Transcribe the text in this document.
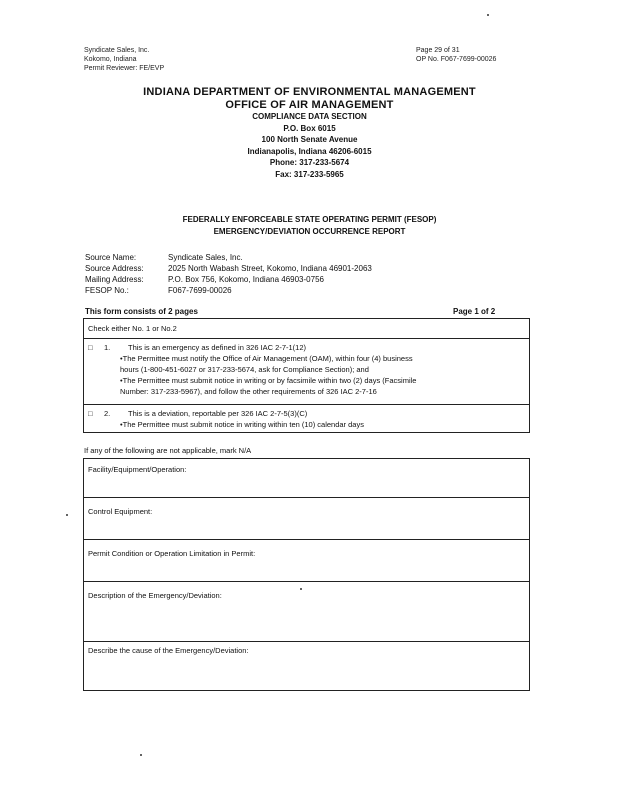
Syndicate Sales, Inc.
Kokomo, Indiana
Permit Reviewer: FE/EVP
Page 29 of 31
OP No. F067-7699-00026
INDIANA DEPARTMENT OF ENVIRONMENTAL MANAGEMENT
OFFICE OF AIR MANAGEMENT
COMPLIANCE DATA SECTION
P.O. Box 6015
100 North Senate Avenue
Indianapolis, Indiana 46206-6015
Phone: 317-233-5674
Fax: 317-233-5965
FEDERALLY ENFORCEABLE STATE OPERATING PERMIT (FESOP)
EMERGENCY/DEVIATION OCCURRENCE REPORT
Source Name:	Syndicate Sales, Inc.
Source Address:	2025 North Wabash Street, Kokomo, Indiana 46901-2063
Mailing Address:	P.O. Box 756, Kokomo, Indiana 46903-0756
FESOP No.:	F067-7699-00026
This form consists of 2 pages	Page 1 of 2
Check either No. 1 or No.2
□ 1. This is an emergency as defined in 326 IAC 2-7-1(12)
•The Permittee must notify the Office of Air Management (OAM), within four (4) business
hours (1-800-451-6027 or 317-233-5674, ask for Compliance Section); and
•The Permittee must submit notice in writing or by facsimile within two (2) days (Facsimile
Number: 317-233-5967), and follow the other requirements of 326 IAC 2-7-16
□ 2. This is a deviation, reportable per 326 IAC 2-7-5(3)(C)
•The Permittee must submit notice in writing within ten (10) calendar days
If any of the following are not applicable, mark N/A
Facility/Equipment/Operation:
Control Equipment:
Permit Condition or Operation Limitation in Permit:
Description of the Emergency/Deviation:
Describe the cause of the Emergency/Deviation:
